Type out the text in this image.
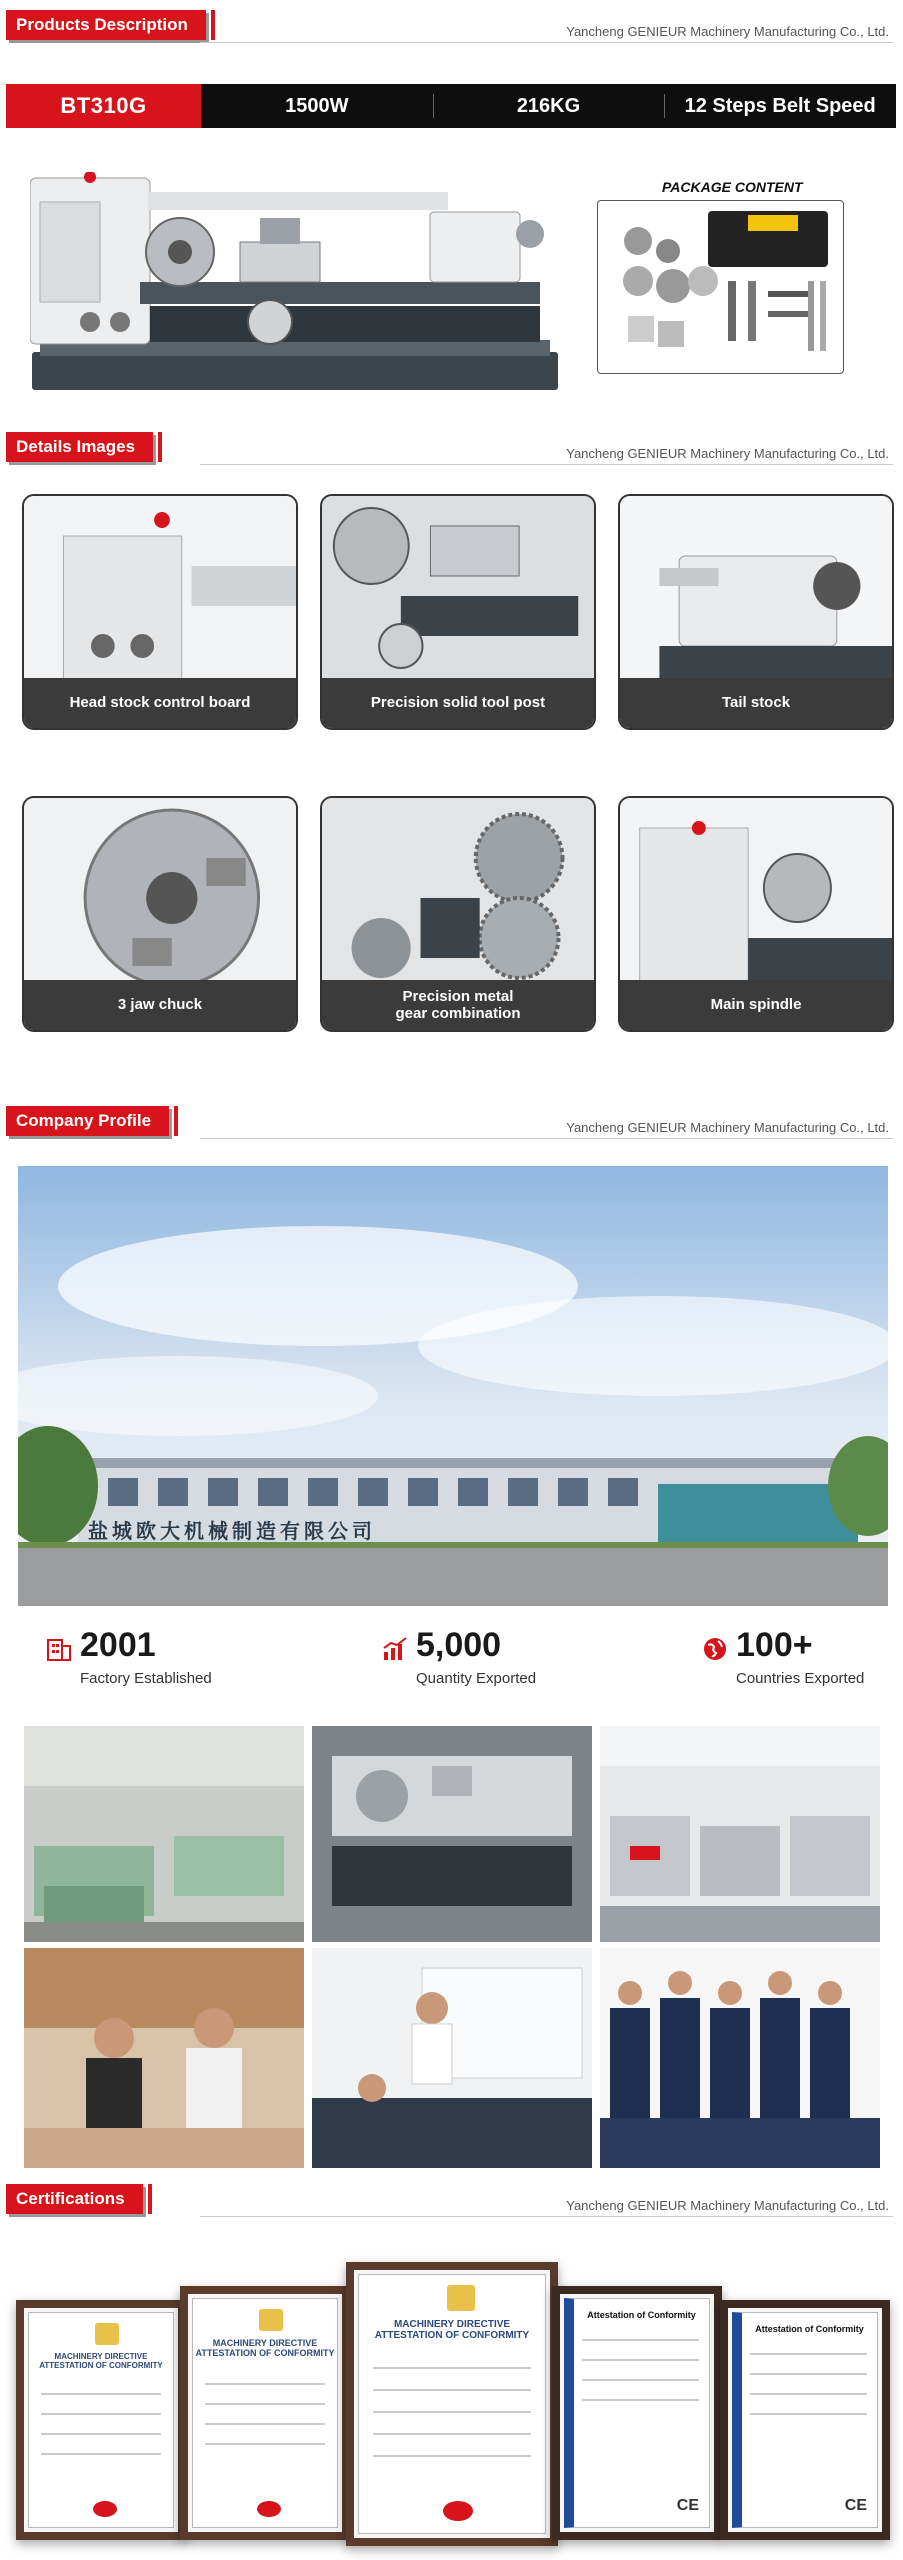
Products Description	Yancheng GENIEUR Machinery Manufacturing Co., Ltd.
BT310G	1500W	216KG	12 Steps Belt Speed
PACKAGE CONTENT
Details Images	Yancheng GENIEUR Machinery Manufacturing Co., Ltd.
Head stock control board	Precision solid tool post	Tail stock
3 jaw chuck
Precision metal gear combination
Main spindle
Company Profile	Yancheng GENIEUR Machinery Manufacturing Co., Ltd.
盐城欧大机械制造有限公司
2001
Factory Established
5,000
Quantity Exported
100+
Countries Exported
Certifications	Yancheng GENIEUR Machinery Manufacturing Co., Ltd.
MACHINERY DIRECTIVE
ATTESTATION OF CONFORMITY
MACHINERY DIRECTIVE
ATTESTATION OF CONFORMITY
MACHINERY DIRECTIVE
ATTESTATION OF CONFORMITY
Attestation of Conformity
CE
Attestation of Conformity
CE
